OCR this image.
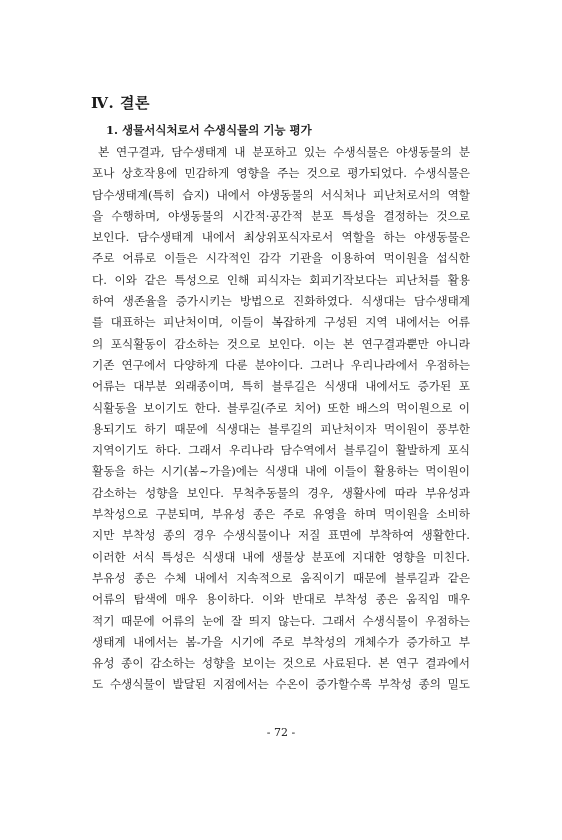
Ⅳ. 결론
1. 생물서식처로서 수생식물의 기능 평가
본 연구결과, 담수생태계 내 분포하고 있는 수생식물은 야생동물의 분
포나 상호작용에 민감하게 영향을 주는 것으로 평가되었다. 수생식물은
담수생태계(특히 습지) 내에서 야생동물의 서식처나 피난처로서의 역할
을 수행하며, 야생동물의 시간적·공간적 분포 특성을 결정하는 것으로
보인다. 담수생태계 내에서 최상위포식자로서 역할을 하는 야생동물은
주로 어류로 이들은 시각적인 감각 기관을 이용하여 먹이원을 섭식한
다. 이와 같은 특성으로 인해 피식자는 회피기작보다는 피난처를 활용
하여 생존율을 증가시키는 방법으로 진화하였다. 식생대는 담수생태계
를 대표하는 피난처이며, 이들이 복잡하게 구성된 지역 내에서는 어류
의 포식활동이 감소하는 것으로 보인다. 이는 본 연구결과뿐만 아니라
기존 연구에서 다양하게 다룬 분야이다. 그러나 우리나라에서 우점하는
어류는 대부분 외래종이며, 특히 블루길은 식생대 내에서도 증가된 포
식활동을 보이기도 한다. 블루길(주로 치어) 또한 배스의 먹이원으로 이
용되기도 하기 때문에 식생대는 블루길의 피난처이자 먹이원이 풍부한
지역이기도 하다. 그래서 우리나라 담수역에서 블루길이 활발하게 포식
활동을 하는 시기(봄~가을)에는 식생대 내에 이들이 활용하는 먹이원이
감소하는 성향을 보인다. 무척추동물의 경우, 생활사에 따라 부유성과
부착성으로 구분되며, 부유성 종은 주로 유영을 하며 먹이원을 소비하
지만 부착성 종의 경우 수생식물이나 저질 표면에 부착하여 생활한다.
이러한 서식 특성은 식생대 내에 생물상 분포에 지대한 영향을 미친다.
부유성 종은 수체 내에서 지속적으로 움직이기 때문에 블루길과 같은
어류의 탐색에 매우 용이하다. 이와 반대로 부착성 종은 움직임 매우
적기 때문에 어류의 눈에 잘 띄지 않는다. 그래서 수생식물이 우점하는
생태계 내에서는 봄-가을 시기에 주로 부착성의 개체수가 증가하고 부
유성 종이 감소하는 성향을 보이는 것으로 사료된다. 본 연구 결과에서
도 수생식물이 발달된 지점에서는 수온이 증가할수록 부착성 종의 밀도
- 72 -
